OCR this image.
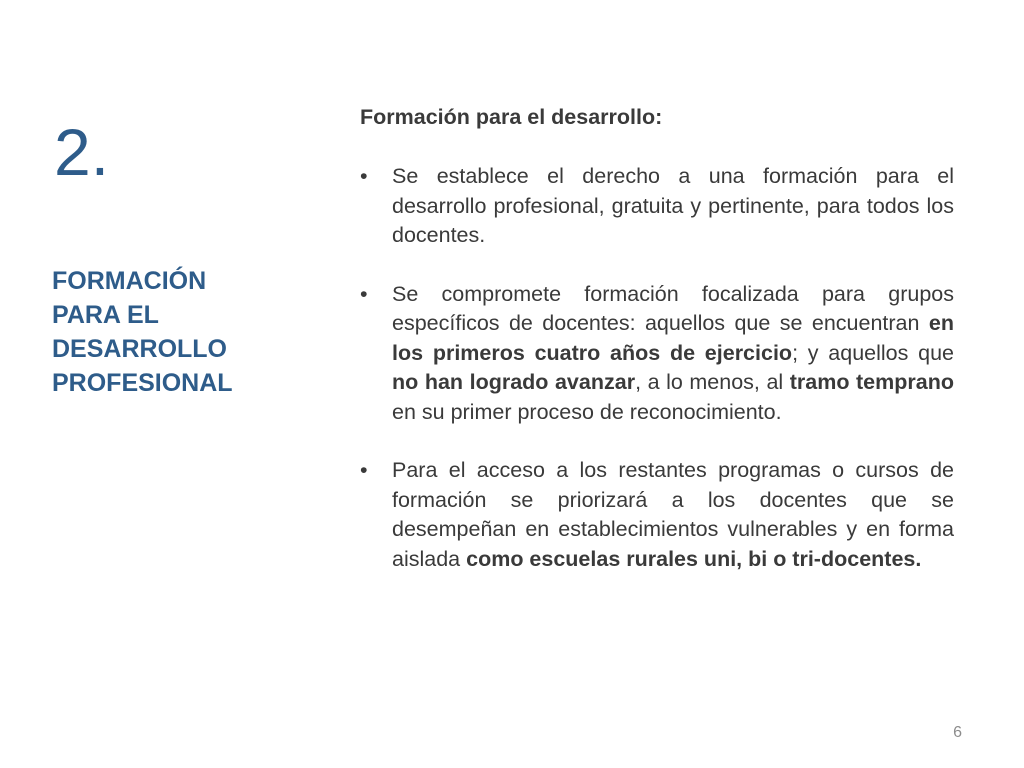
2.
FORMACIÓN
PARA EL
DESARROLLO
PROFESIONAL
Formación para el desarrollo:
• Se establece el derecho a una formación para el desarrollo profesional, gratuita y pertinente, para todos los docentes.
• Se compromete formación focalizada para grupos específicos de docentes: aquellos que se encuentran en los primeros cuatro años de ejercicio; y aquellos que no han logrado avanzar, a lo menos, al tramo temprano en su primer proceso de reconocimiento.
• Para el acceso a los restantes programas o cursos de formación se priorizará a los docentes que se desempeñan en establecimientos vulnerables y en forma aislada como escuelas rurales uni, bi o tri-docentes.
6
